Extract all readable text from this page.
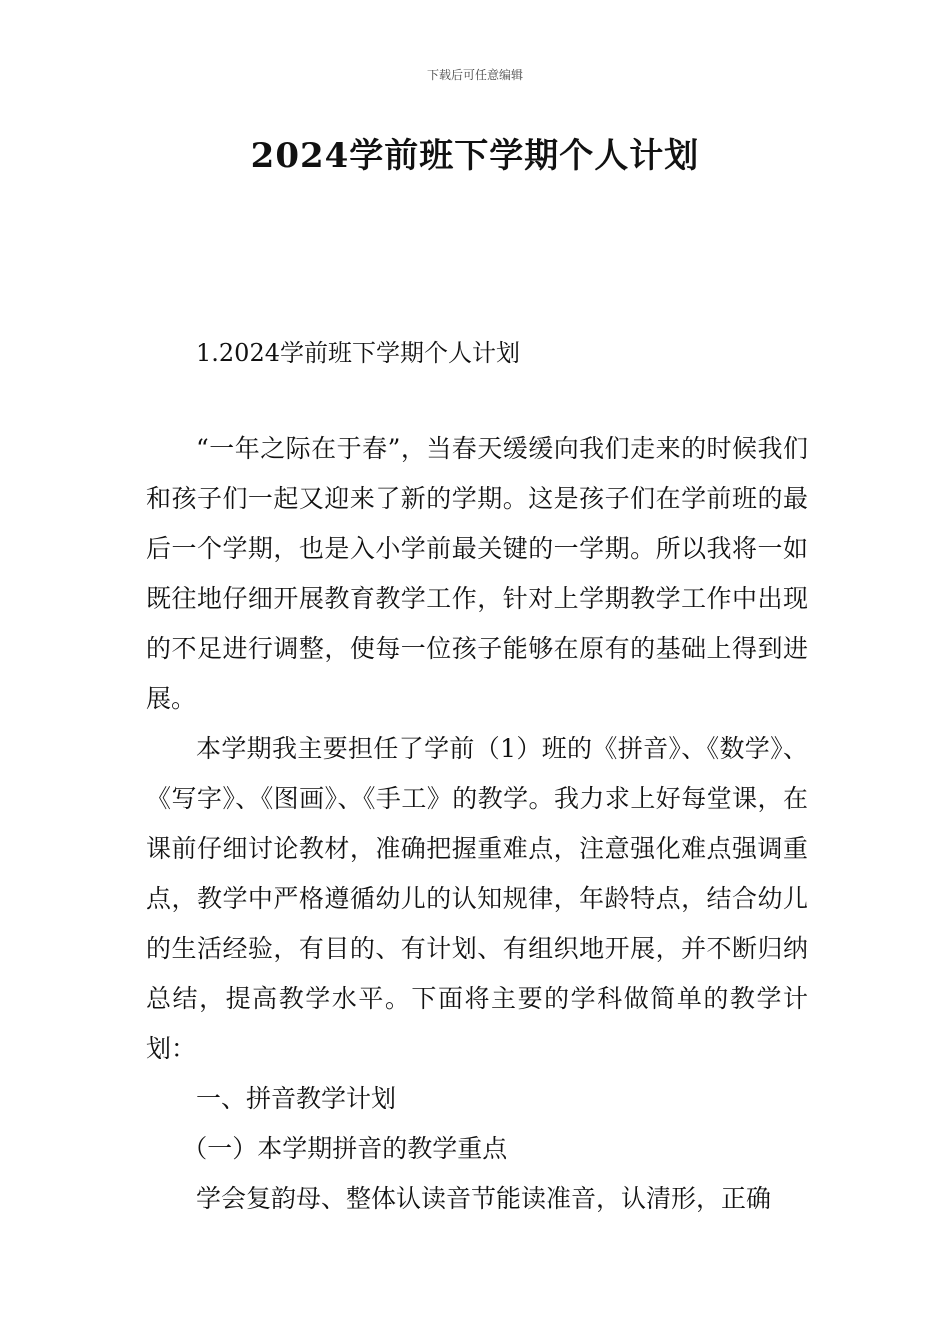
下载后可任意编辑
2024学前班下学期个人计划
1.2024学前班下学期个人计划

“一年之际在于春”，当春天缓缓向我们走来的时候我们和孩子们一起又迎来了新的学期。这是孩子们在学前班的最后一个学期，也是入小学前最关键的一学期。所以我将一如既往地仔细开展教育教学工作，针对上学期教学工作中出现的不足进行调整，使每一位孩子能够在原有的基础上得到进展。

本学期我主要担任了学前（1）班的《拼音》、《数学》、《写字》、《图画》、《手工》的教学。我力求上好每堂课，在课前仔细讨论教材，准确把握重难点，注意强化难点强调重点，教学中严格遵循幼儿的认知规律，年龄特点，结合幼儿的生活经验，有目的、有计划、有组织地开展，并不断归纳总结，提高教学水平。下面将主要的学科做简单的教学计划：

一、拼音教学计划

（一）本学期拼音的教学重点

学会复韵母、整体认读音节能读准音，认清形，正确
